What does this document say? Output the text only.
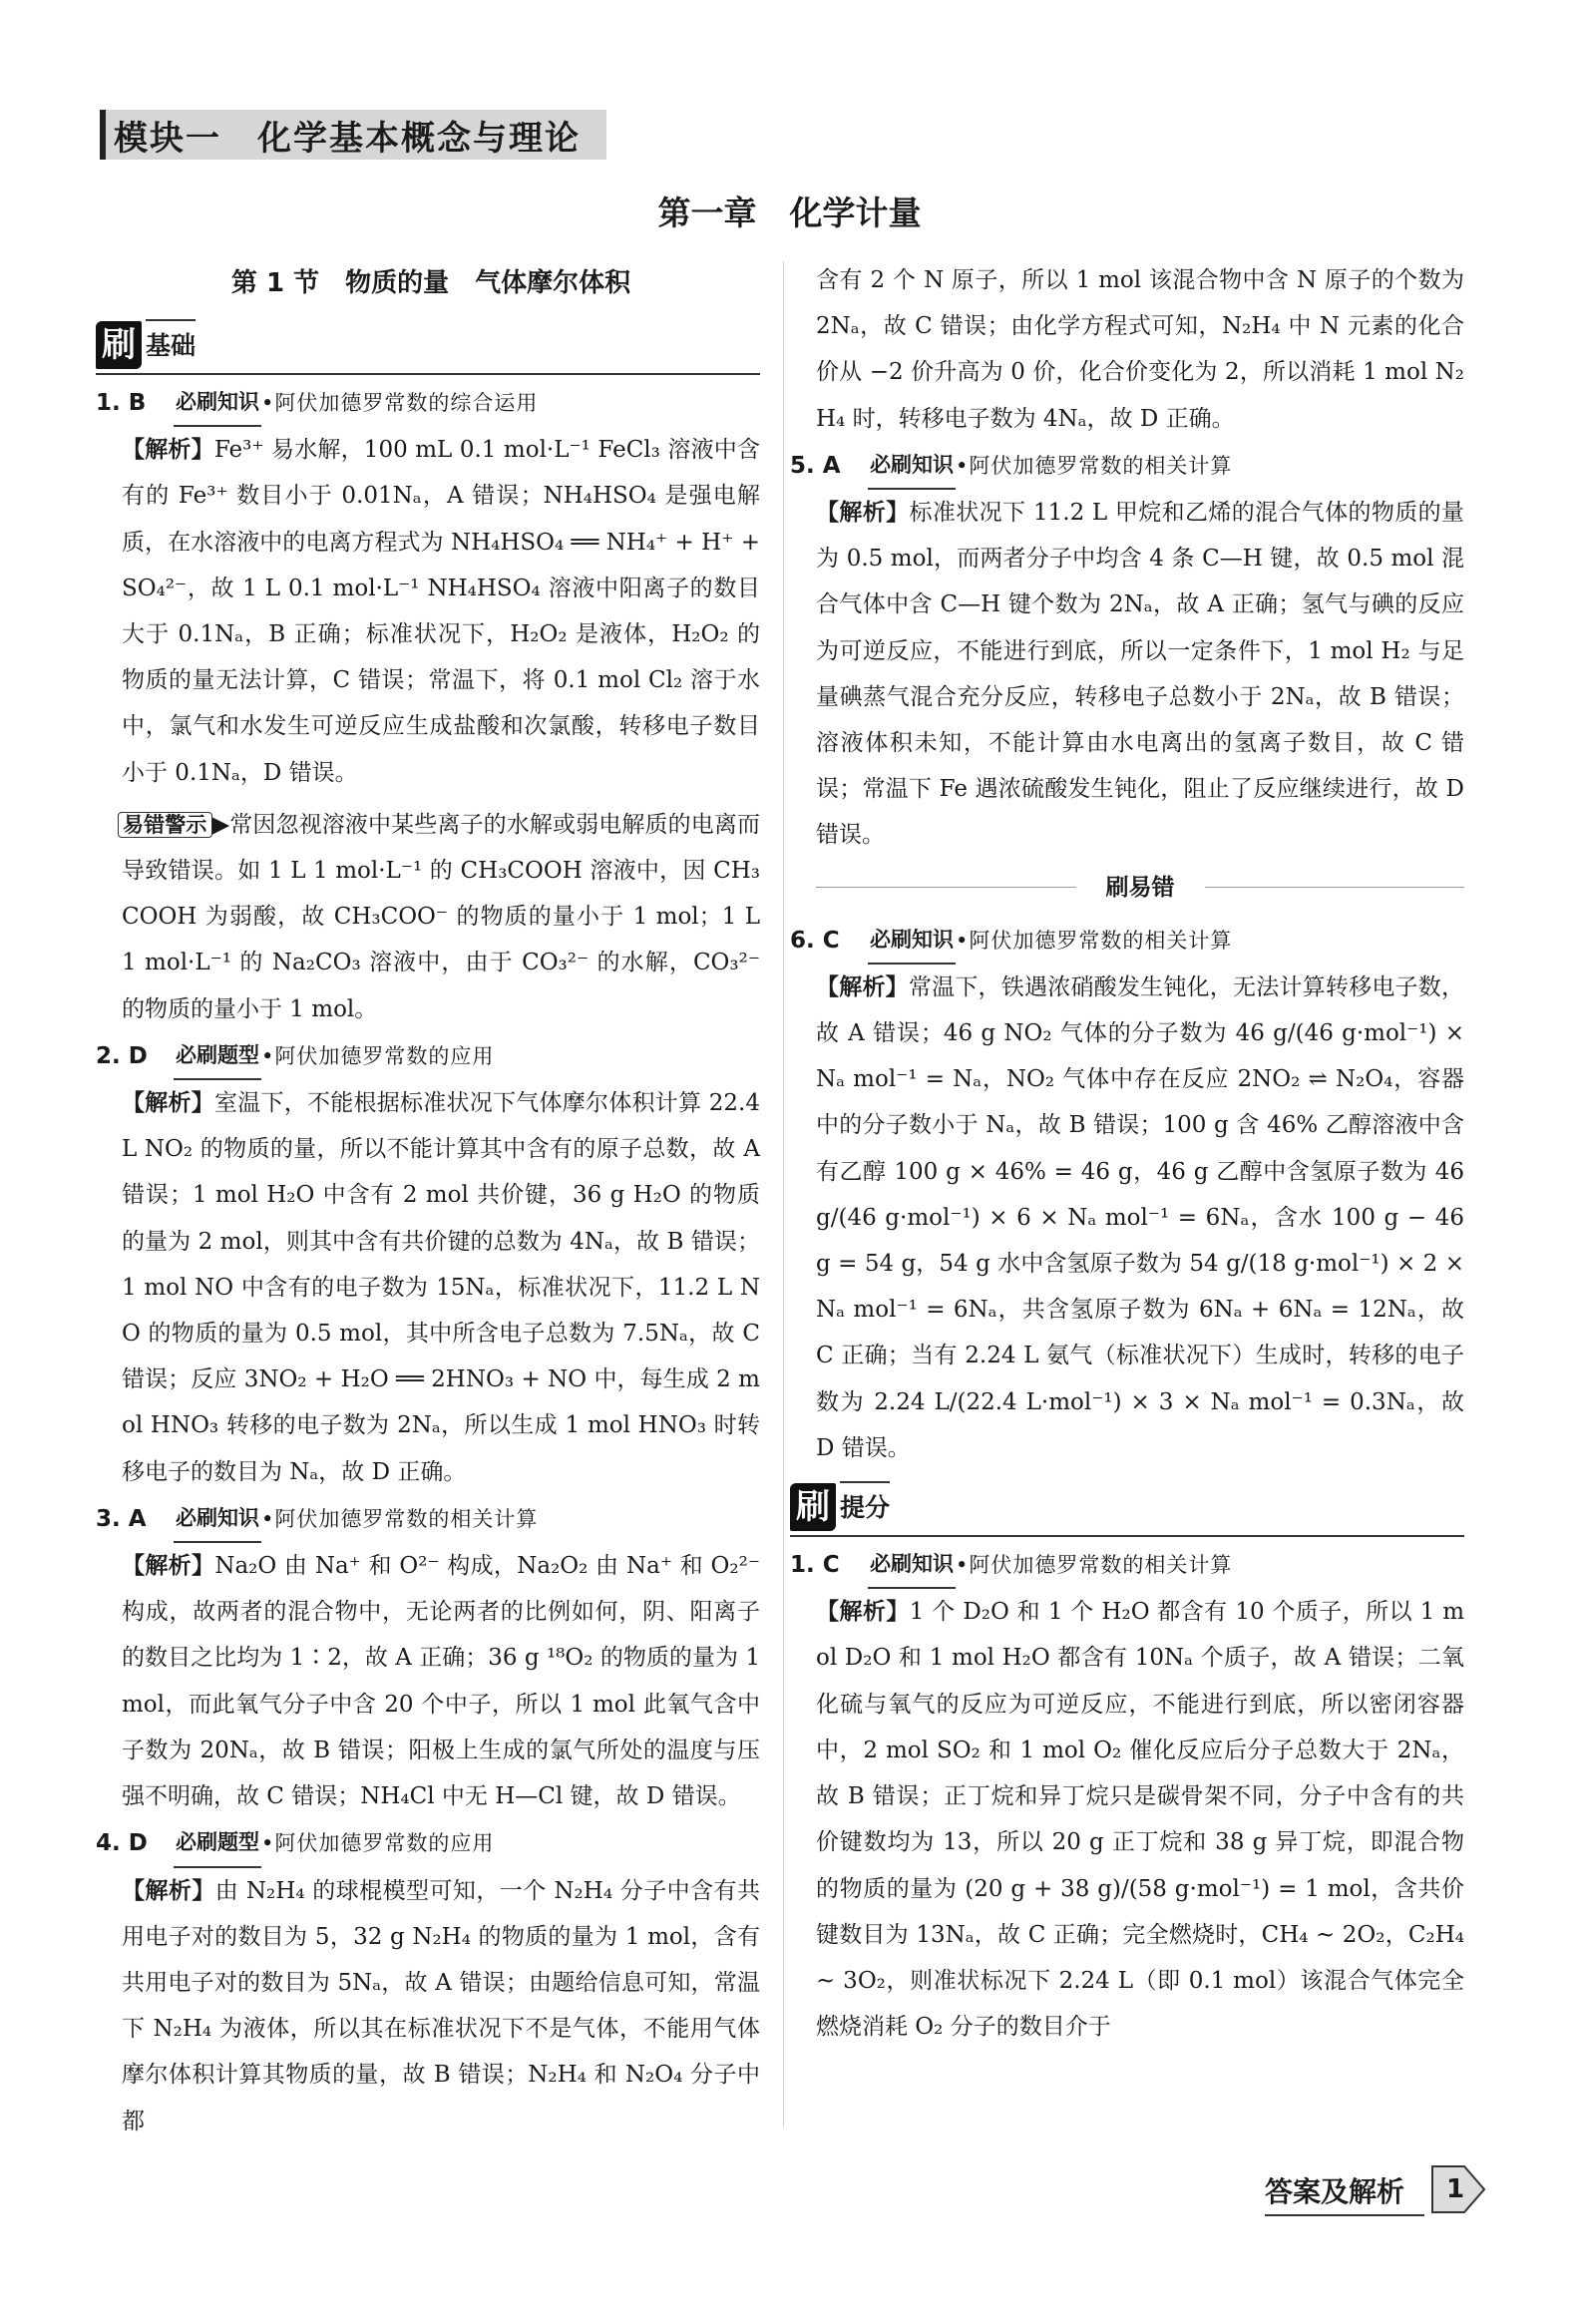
模块一　化学基本概念与理论
第一章　化学计量
第 1 节　物质的量　气体摩尔体积
刷 基础
1. B	必刷知识 •阿伏加德罗常数的综合运用
【解析】Fe³⁺ 易水解，100 mL 0.1 mol·L⁻¹ FeCl₃ 溶液中含有的 Fe³⁺ 数目小于 0.01Nₐ，A 错误；NH₄HSO₄ 是强电解质，在水溶液中的电离方程式为 NH₄HSO₄ ══ NH₄⁺ + H⁺ + SO₄²⁻，故 1 L 0.1 mol·L⁻¹ NH₄HSO₄ 溶液中阳离子的数目大于 0.1Nₐ，B 正确；标准状况下，H₂O₂ 是液体，H₂O₂ 的物质的量无法计算，C 错误；常温下，将 0.1 mol Cl₂ 溶于水中，氯气和水发生可逆反应生成盐酸和次氯酸，转移电子数目小于 0.1Nₐ，D 错误。
易错警示 ▶常因忽视溶液中某些离子的水解或弱电解质的电离而导致错误。如 1 L 1 mol·L⁻¹ 的 CH₃COOH 溶液中，因 CH₃COOH 为弱酸，故 CH₃COO⁻ 的物质的量小于 1 mol；1 L 1 mol·L⁻¹ 的 Na₂CO₃ 溶液中，由于 CO₃²⁻ 的水解，CO₃²⁻ 的物质的量小于 1 mol。
2. D	必刷题型 •阿伏加德罗常数的应用
【解析】室温下，不能根据标准状况下气体摩尔体积计算 22.4 L NO₂ 的物质的量，所以不能计算其中含有的原子总数，故 A 错误；1 mol H₂O 中含有 2 mol 共价键，36 g H₂O 的物质的量为 2 mol，则其中含有共价键的总数为 4Nₐ，故 B 错误；1 mol NO 中含有的电子数为 15Nₐ，标准状况下，11.2 L NO 的物质的量为 0.5 mol，其中所含电子总数为 7.5Nₐ，故 C 错误；反应 3NO₂ + H₂O ══ 2HNO₃ + NO 中，每生成 2 mol HNO₃ 转移的电子数为 2Nₐ，所以生成 1 mol HNO₃ 时转移电子的数目为 Nₐ，故 D 正确。
3. A	必刷知识 •阿伏加德罗常数的相关计算
【解析】Na₂O 由 Na⁺ 和 O²⁻ 构成，Na₂O₂ 由 Na⁺ 和 O₂²⁻ 构成，故两者的混合物中，无论两者的比例如何，阴、阳离子的数目之比均为 1∶2，故 A 正确；36 g ¹⁸O₂ 的物质的量为 1 mol，而此氧气分子中含 20 个中子，所以 1 mol 此氧气含中子数为 20Nₐ，故 B 错误；阳极上生成的氯气所处的温度与压强不明确，故 C 错误；NH₄Cl 中无 H—Cl 键，故 D 错误。
4. D	必刷题型 •阿伏加德罗常数的应用
【解析】由 N₂H₄ 的球棍模型可知，一个 N₂H₄ 分子中含有共用电子对的数目为 5，32 g N₂H₄ 的物质的量为 1 mol，含有共用电子对的数目为 5Nₐ，故 A 错误；由题给信息可知，常温下 N₂H₄ 为液体，所以其在标准状况下不是气体，不能用气体摩尔体积计算其物质的量，故 B 错误；N₂H₄ 和 N₂O₄ 分子中都
含有 2 个 N 原子，所以 1 mol 该混合物中含 N 原子的个数为 2Nₐ，故 C 错误；由化学方程式可知，N₂H₄ 中 N 元素的化合价从 −2 价升高为 0 价，化合价变化为 2，所以消耗 1 mol N₂H₄ 时，转移电子数为 4Nₐ，故 D 正确。
5. A	必刷知识 •阿伏加德罗常数的相关计算
【解析】标准状况下 11.2 L 甲烷和乙烯的混合气体的物质的量为 0.5 mol，而两者分子中均含 4 条 C—H 键，故 0.5 mol 混合气体中含 C—H 键个数为 2Nₐ，故 A 正确；氢气与碘的反应为可逆反应，不能进行到底，所以一定条件下，1 mol H₂ 与足量碘蒸气混合充分反应，转移电子总数小于 2Nₐ，故 B 错误；溶液体积未知，不能计算由水电离出的氢离子数目，故 C 错误；常温下 Fe 遇浓硫酸发生钝化，阻止了反应继续进行，故 D 错误。
刷易错
6. C	必刷知识 •阿伏加德罗常数的相关计算
【解析】常温下，铁遇浓硝酸发生钝化，无法计算转移电子数，故 A 错误；46 g NO₂ 气体的分子数为 46 g/(46 g·mol⁻¹) × Nₐ mol⁻¹ = Nₐ，NO₂ 气体中存在反应 2NO₂ ⇌ N₂O₄，容器中的分子数小于 Nₐ，故 B 错误；100 g 含 46% 乙醇溶液中含有乙醇 100 g × 46% = 46 g，46 g 乙醇中含氢原子数为 46 g/(46 g·mol⁻¹) × 6 × Nₐ mol⁻¹ = 6Nₐ，含水 100 g − 46 g = 54 g，54 g 水中含氢原子数为 54 g/(18 g·mol⁻¹) × 2 × Nₐ mol⁻¹ = 6Nₐ，共含氢原子数为 6Nₐ + 6Nₐ = 12Nₐ，故 C 正确；当有 2.24 L 氨气（标准状况下）生成时，转移的电子数为 2.24 L/(22.4 L·mol⁻¹) × 3 × Nₐ mol⁻¹ = 0.3Nₐ，故 D 错误。
刷 提分
1. C	必刷知识 •阿伏加德罗常数的相关计算
【解析】1 个 D₂O 和 1 个 H₂O 都含有 10 个质子，所以 1 mol D₂O 和 1 mol H₂O 都含有 10Nₐ 个质子，故 A 错误；二氧化硫与氧气的反应为可逆反应，不能进行到底，所以密闭容器中，2 mol SO₂ 和 1 mol O₂ 催化反应后分子总数大于 2Nₐ，故 B 错误；正丁烷和异丁烷只是碳骨架不同，分子中含有的共价键数均为 13，所以 20 g 正丁烷和 38 g 异丁烷，即混合物的物质的量为 (20 g + 38 g)/(58 g·mol⁻¹) = 1 mol，含共价键数目为 13Nₐ，故 C 正确；完全燃烧时，CH₄ ~ 2O₂，C₂H₄ ~ 3O₂，则准状标况下 2.24 L（即 0.1 mol）该混合气体完全燃烧消耗 O₂ 分子的数目介于
答案及解析	1
